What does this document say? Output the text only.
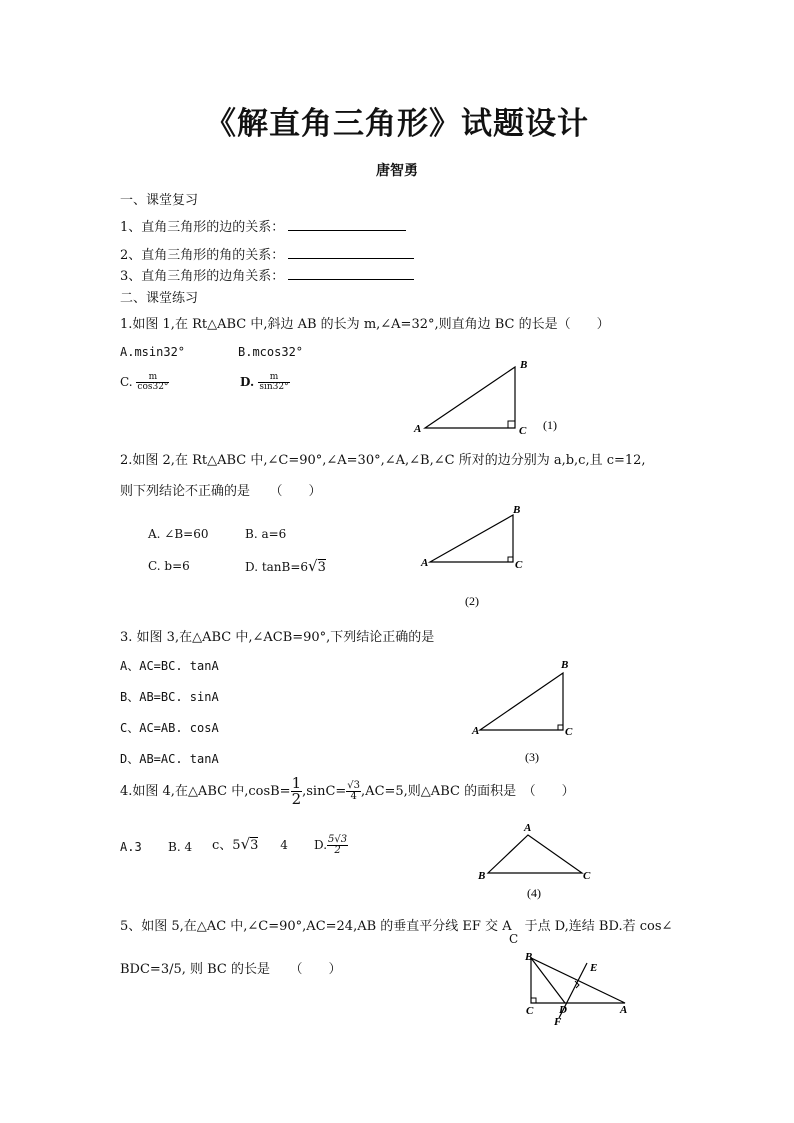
《解直角三角形》试题设计
唐智勇
一、课堂复习
1、直角三角形的边的关系：
2、直角三角形的角的关系：
3、直角三角形的边角关系：
二、课堂练习
1.如图 1,在 Rt△ABC 中,斜边 AB 的长为 m,∠A=32°,则直角边 BC 的长是（　　）
A.msin32°	B.mcos32°
C. $\frac{m}{\cos 32^\circ}$	D. $\frac{m}{\sin 32^\circ}$
A
B
C (1)
2.如图 2,在 Rt△ABC 中,∠C=90°,∠A=30°,∠A,∠B,∠C 所对的边分别为 a,b,c,且 c=12,
则下列结论不正确的是　　（　　）
A. ∠B=60	B. a=6
C. b=6	D. tanB=6√3	A
B
C
(2)
3. 如图 3,在△ABC 中,∠ACB=90°,下列结论正确的是
A、AC=BC. tanA
B、AB=BC. sinA
C、AC=AB. cosA
D、AB=AC. tanA
A
B
C
(3)
4.如图 4,在△ABC 中$,\cos B= \frac{1}{2} ,\sin C= \frac{√3}{4} ,AC=5$,则△ABC 的面积是　（　　）
A.3 B. 4 c、5√3 4 D. $\frac{5√3}{2}$
A
B	C
(4)
5、如图 5,在△AC 中,∠C=90°,AC=24,AB 的垂直平分线 EF 交 A　于点 D,连结 BD.若 cos∠
C
BDC=3/5, 则 BC 的长是　　（　　）
B
E
C D	A
F
